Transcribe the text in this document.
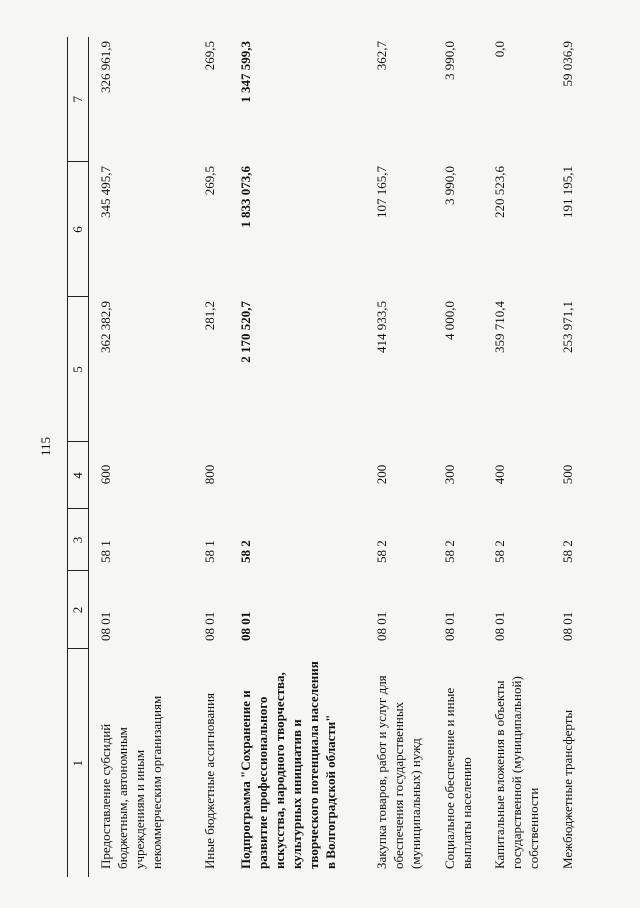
115
1	2	3	4	5	6	7
Предоставление субсидий бюджетным, автономным учреждениям и иным некоммерческим организациям	08 01	58 1	600	362 382,9	345 495,7	326 961,9
Иные бюджетные ассигнования	08 01	58 1	800	281,2	269,5	269,5
Подпрограмма "Сохранение и развитие профессионального искусства, народного творчества, культурных инициатив и творческого потенциала населения в Волгоградской области"	08 01	58 2		2 170 520,7	1 833 073,6	1 347 599,3
Закупка товаров, работ и услуг для обеспечения государственных (муниципальных) нужд	08 01	58 2	200	414 933,5	107 165,7	362,7
Социальное обеспечение и иные выплаты населению	08 01	58 2	300	4 000,0	3 990,0	3 990,0
Капитальные вложения в объекты государственной (муниципальной) собственности	08 01	58 2	400	359 710,4	220 523,6	0,0
Межбюджетные трансферты	08 01	58 2	500	253 971,1	191 195,1	59 036,9
